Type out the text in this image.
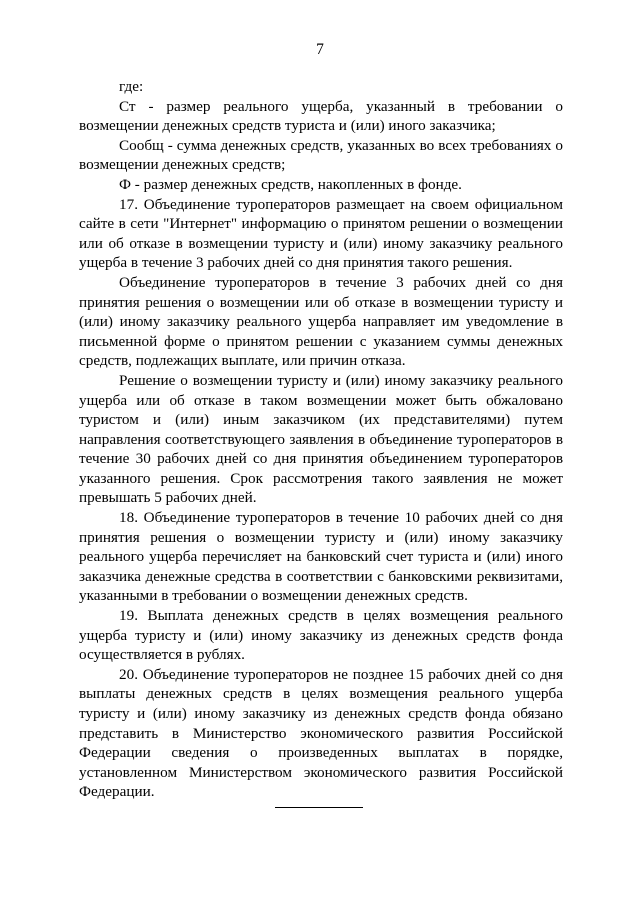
7

где:

Ст - размер реального ущерба, указанный в требовании о возмещении денежных средств туриста и (или) иного заказчика;

Сообщ - сумма денежных средств, указанных во всех требованиях о возмещении денежных средств;

Ф - размер денежных средств, накопленных в фонде.

17. Объединение туроператоров размещает на своем официальном сайте в сети "Интернет" информацию о принятом решении о возмещении или об отказе в возмещении туристу и (или) иному заказчику реального ущерба в течение 3 рабочих дней со дня принятия такого решения.

Объединение туроператоров в течение 3 рабочих дней со дня принятия решения о возмещении или об отказе в возмещении туристу и (или) иному заказчику реального ущерба направляет им уведомление в письменной форме о принятом решении с указанием суммы денежных средств, подлежащих выплате, или причин отказа.

Решение о возмещении туристу и (или) иному заказчику реального ущерба или об отказе в таком возмещении может быть обжаловано туристом и (или) иным заказчиком (их представителями) путем направления соответствующего заявления в объединение туроператоров в течение 30 рабочих дней со дня принятия объединением туроператоров указанного решения. Срок рассмотрения такого заявления не может превышать 5 рабочих дней.

18. Объединение туроператоров в течение 10 рабочих дней со дня принятия решения о возмещении туристу и (или) иному заказчику реального ущерба перечисляет на банковский счет туриста и (или) иного заказчика денежные средства в соответствии с банковскими реквизитами, указанными в требовании о возмещении денежных средств.

19. Выплата денежных средств в целях возмещения реального ущерба туристу и (или) иному заказчику из денежных средств фонда осуществляется в рублях.

20. Объединение туроператоров не позднее 15 рабочих дней со дня выплаты денежных средств в целях возмещения реального ущерба туристу и (или) иному заказчику из денежных средств фонда обязано представить в Министерство экономического развития Российской Федерации сведения о произведенных выплатах в порядке, установленном Министерством экономического развития Российской Федерации.
